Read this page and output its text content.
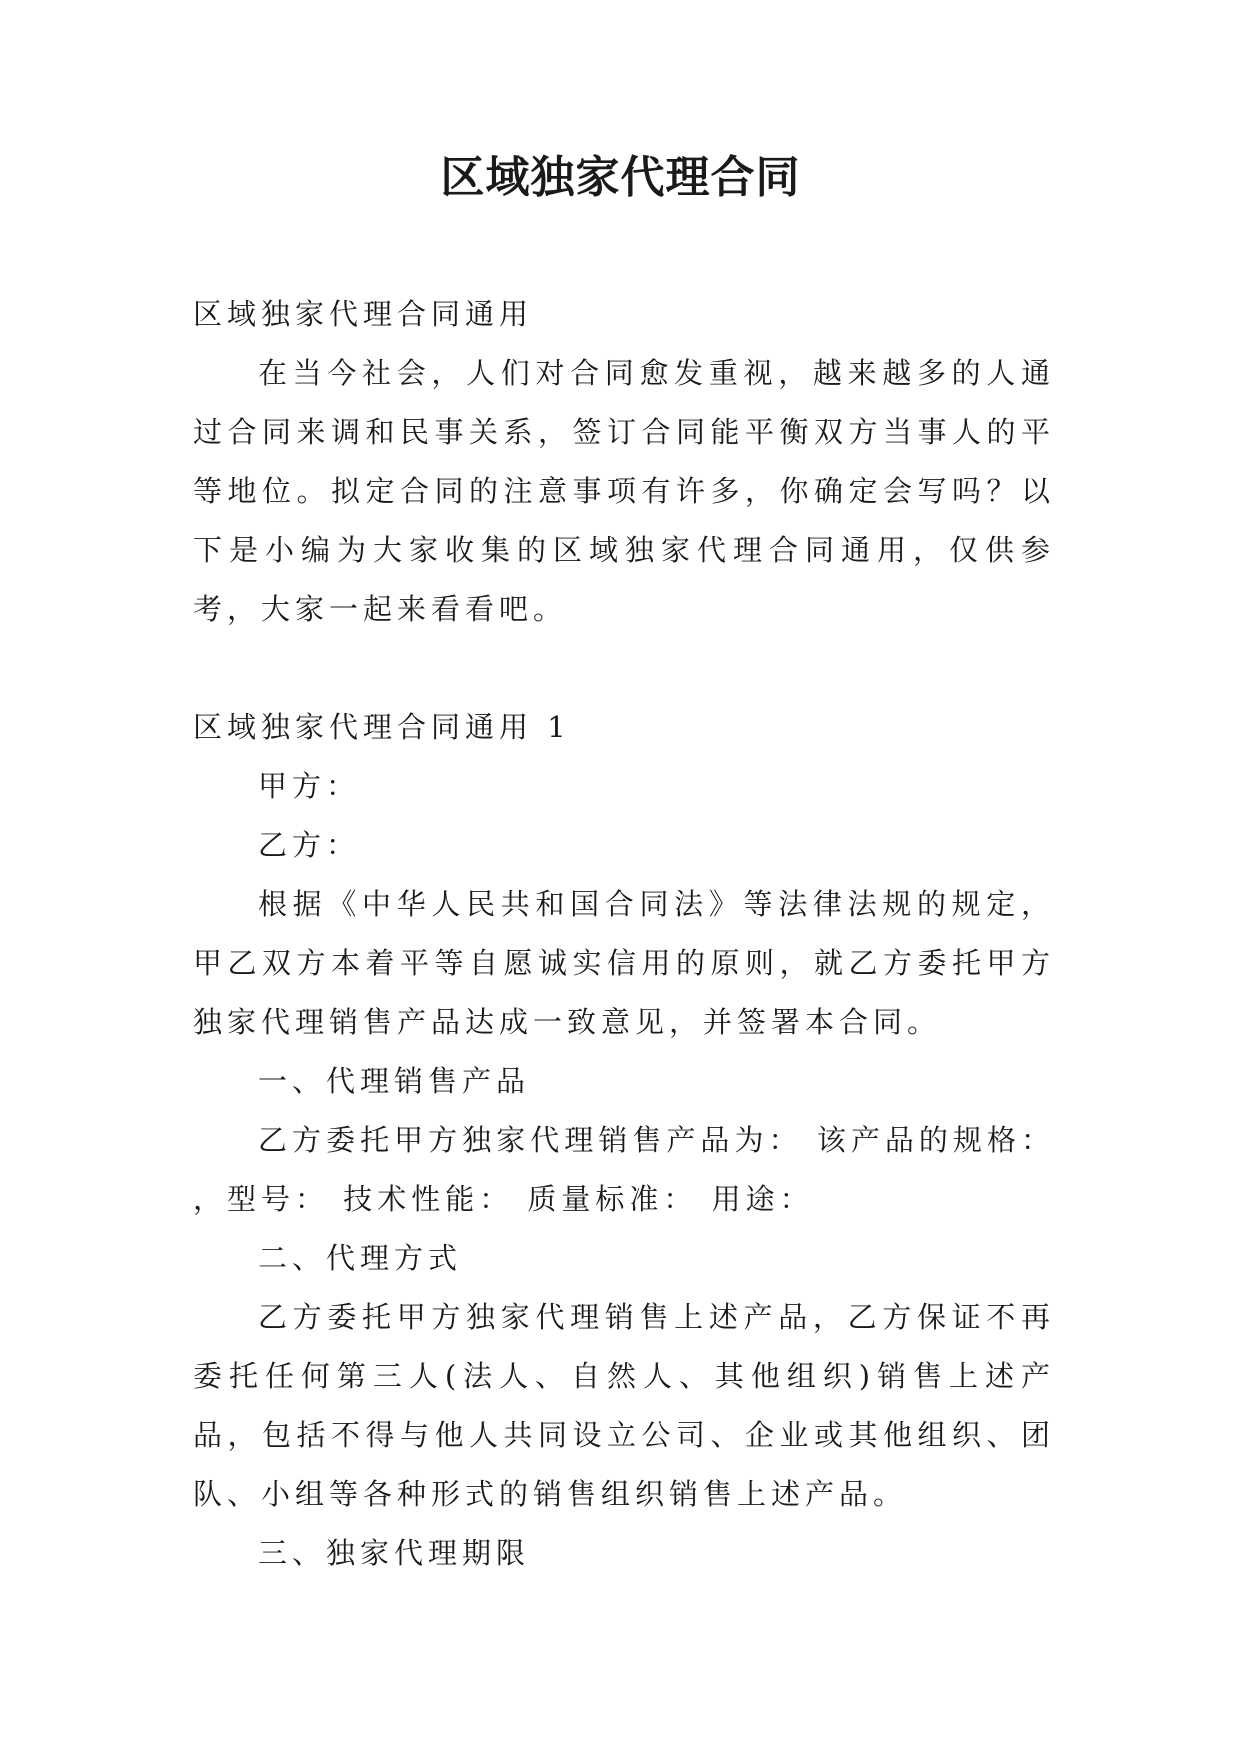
区域独家代理合同

区域独家代理合同通用

在当今社会，人们对合同愈发重视，越来越多的人通过合同来调和民事关系，签订合同能平衡双方当事人的平等地位。拟定合同的注意事项有许多，你确定会写吗？以下是小编为大家收集的区域独家代理合同通用，仅供参考，大家一起来看看吧。

区域独家代理合同通用 1

甲方：

乙方：

根据《中华人民共和国合同法》等法律法规的规定，甲乙双方本着平等自愿诚实信用的原则，就乙方委托甲方独家代理销售产品达成一致意见，并签署本合同。

一、代理销售产品

乙方委托甲方独家代理销售产品为： 该产品的规格： ，型号： 技术性能： 质量标准： 用途：

二、代理方式

乙方委托甲方独家代理销售上述产品，乙方保证不再委托任何第三人(法人、自然人、其他组织)销售上述产品，包括不得与他人共同设立公司、企业或其他组织、团队、小组等各种形式的销售组织销售上述产品。

三、独家代理期限
